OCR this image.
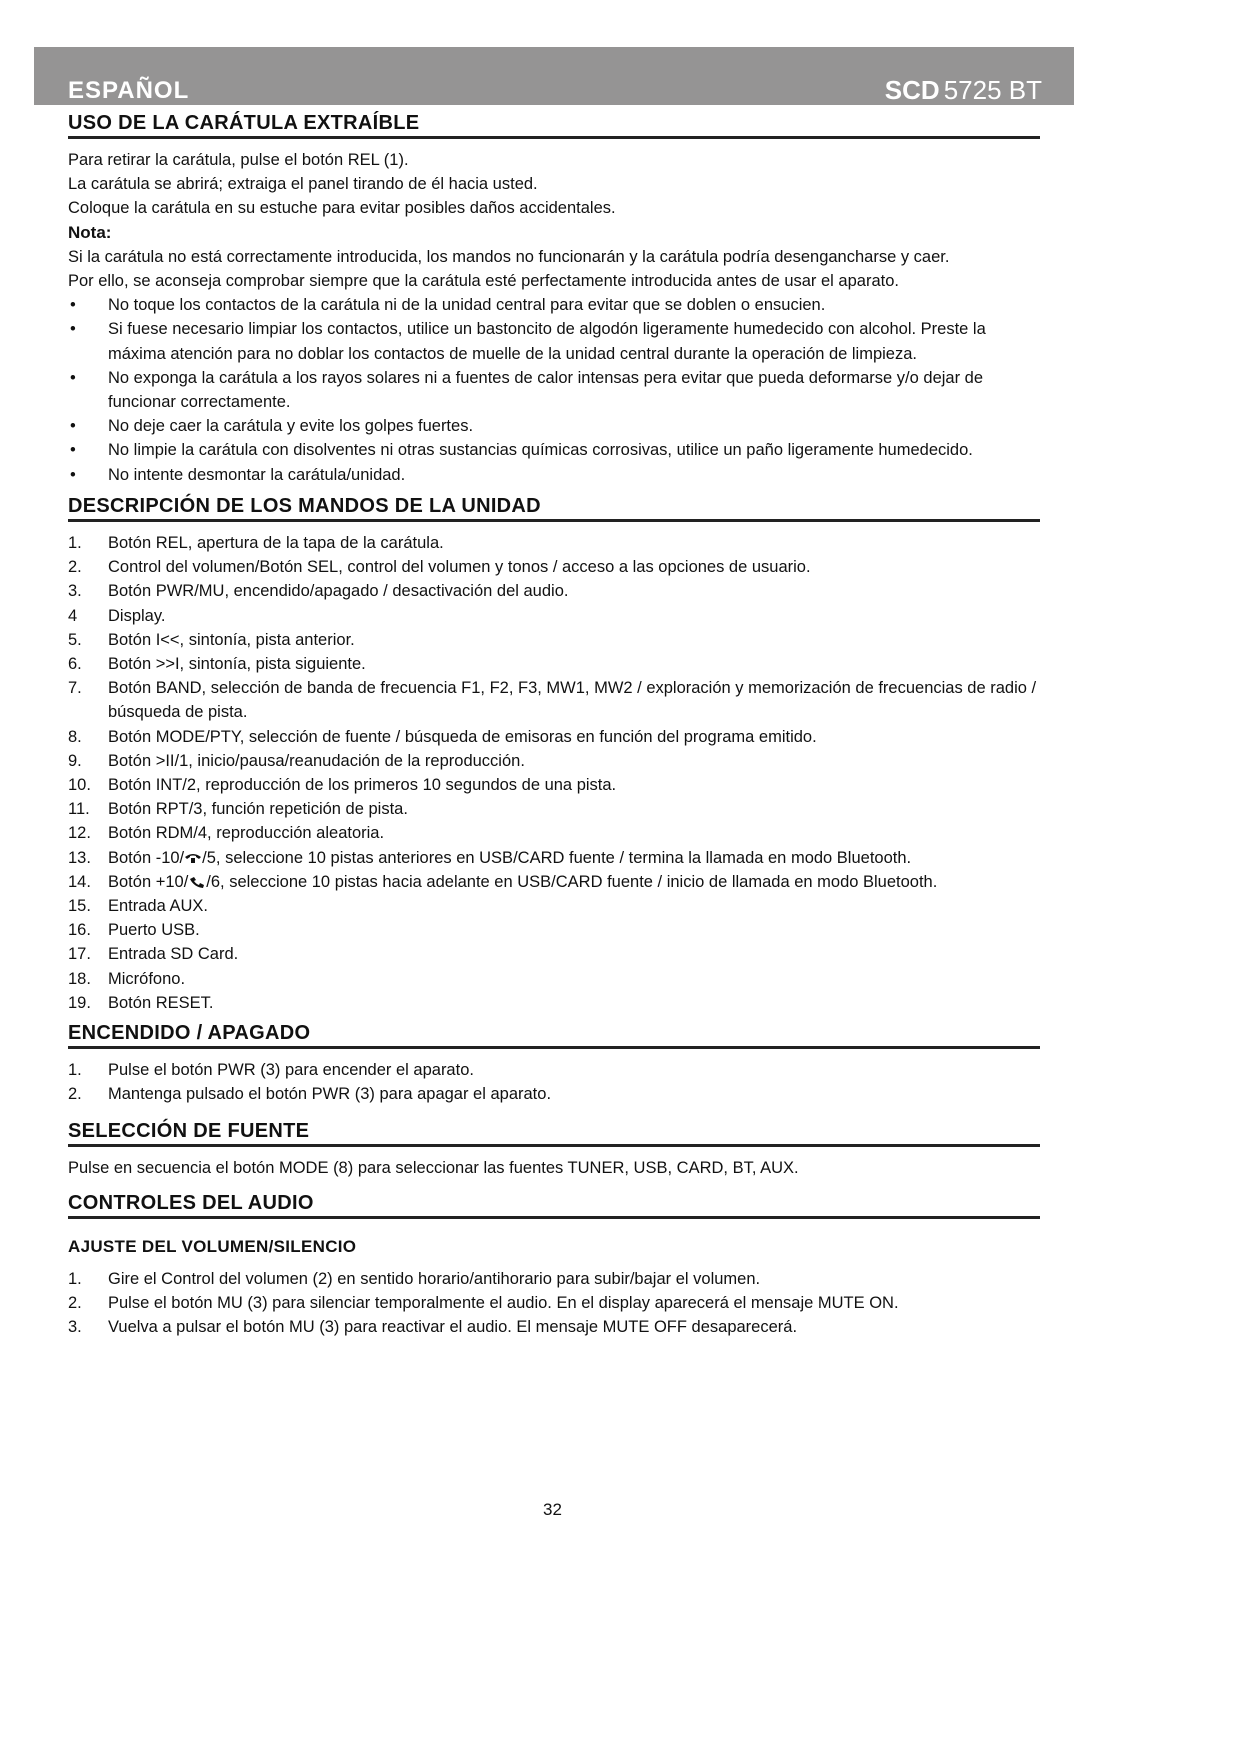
ESPAÑOL	SCD 5725 BT
USO DE LA CARÁTULA EXTRAÍBLE

Para retirar la carátula, pulse el botón REL (1).

La carátula se abrirá; extraiga el panel tirando de él hacia usted.

Coloque la carátula en su estuche para evitar posibles daños accidentales.

Nota:

Si la carátula no está correctamente introducida, los mandos no funcionarán y la carátula podría desengancharse y caer.

Por ello, se aconseja comprobar siempre que la carátula esté perfectamente introducida antes de usar el aparato.

• No toque los contactos de la carátula ni de la unidad central para evitar que se doblen o ensucien.
• Si fuese necesario limpiar los contactos, utilice un bastoncito de algodón ligeramente humedecido con alcohol. Preste la máxima atención para no doblar los contactos de muelle de la unidad central durante la operación de limpieza.
• No exponga la carátula a los rayos solares ni a fuentes de calor intensas pera evitar que pueda deformarse y/o dejar de funcionar correctamente.
• No deje caer la carátula y evite los golpes fuertes.
• No limpie la carátula con disolventes ni otras sustancias químicas corrosivas, utilice un paño ligeramente humedecido.
• No intente desmontar la carátula/unidad.
DESCRIPCIÓN DE LOS MANDOS DE LA UNIDAD
1. Botón REL, apertura de la tapa de la carátula.
2. Control del volumen/Botón SEL, control del volumen y tonos / acceso a las opciones de usuario.
3. Botón PWR/MU, encendido/apagado / desactivación del audio.
4 Display.
5. Botón I<<, sintonía, pista anterior.
6. Botón >>I, sintonía, pista siguiente.
7. Botón BAND, selección de banda de frecuencia F1, F2, F3, MW1, MW2 / exploración y memorización de frecuencias de radio / búsqueda de pista.
8. Botón MODE/PTY, selección de fuente / búsqueda de emisoras en función del programa emitido.
9. Botón >II/1, inicio/pausa/reanudación de la reproducción.
10. Botón INT/2, reproducción de los primeros 10 segundos de una pista.
11. Botón RPT/3, función repetición de pista.
12. Botón RDM/4, reproducción aleatoria.
13. Botón -10/ /5, seleccione 10 pistas anteriores en USB/CARD fuente / termina la llamada en modo Bluetooth.
14. Botón +10/ /6, seleccione 10 pistas hacia adelante en USB/CARD fuente / inicio de llamada en modo Bluetooth.
15. Entrada AUX.
16. Puerto USB.
17. Entrada SD Card.
18. Micrófono.
19. Botón RESET.
ENCENDIDO / APAGADO
1. Pulse el botón PWR (3) para encender el aparato.
2. Mantenga pulsado el botón PWR (3) para apagar el aparato.
SELECCIÓN DE FUENTE

Pulse en secuencia el botón MODE (8) para seleccionar las fuentes TUNER, USB, CARD, BT, AUX.

CONTROLES DEL AUDIO
AJUSTE DEL VOLUMEN/SILENCIO
1. Gire el Control del volumen (2) en sentido horario/antihorario para subir/bajar el volumen.
2. Pulse el botón MU (3) para silenciar temporalmente el audio. En el display aparecerá el mensaje MUTE ON.
3. Vuelva a pulsar el botón MU (3) para reactivar el audio. El mensaje MUTE OFF desaparecerá.
32
